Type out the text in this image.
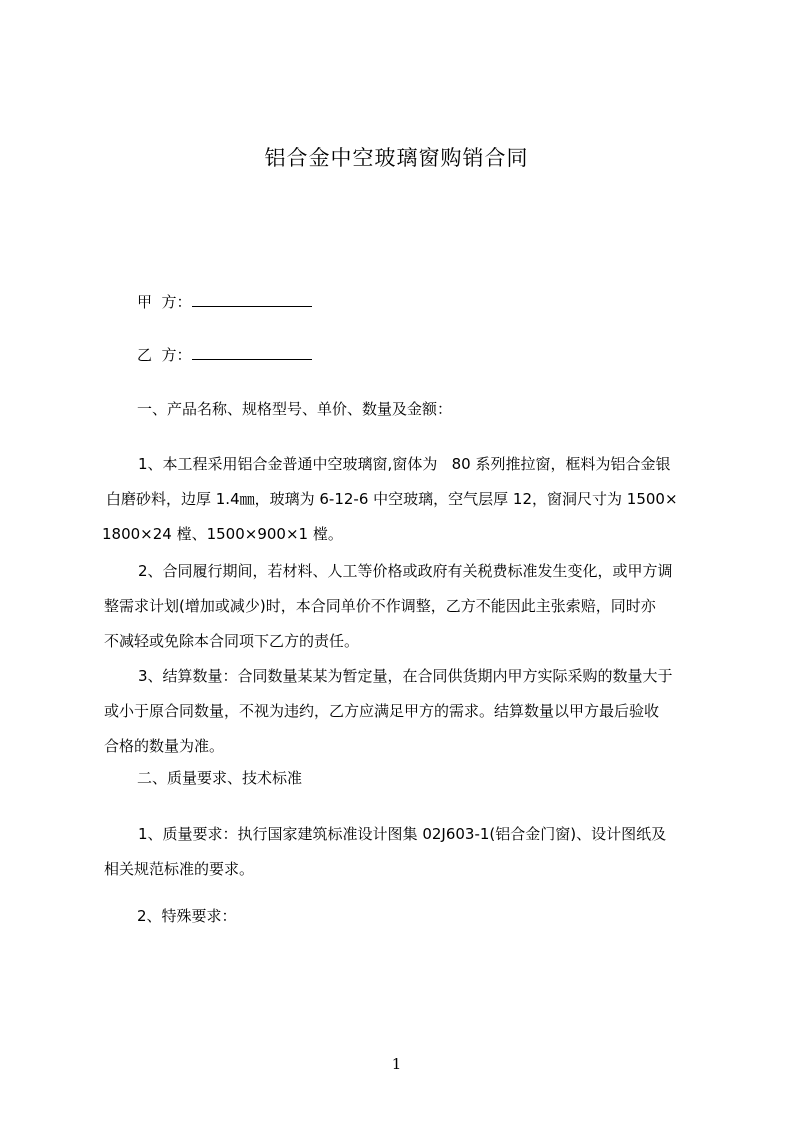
铝合金中空玻璃窗购销合同
甲  方：
乙  方：
一、产品名称、规格型号、单价、数量及金额：
1、本工程采用铝合金普通中空玻璃窗,窗体为   80 系列推拉窗，框料为铝合金银
白磨砂料，边厚 1.4㎜，玻璃为 6-12-6 中空玻璃，空气层厚 12，窗洞尺寸为 1500×
1800×24 樘、1500×900×1 樘。
2、合同履行期间，若材料、人工等价格或政府有关税费标准发生变化，或甲方调
整需求计划(增加或减少)时，本合同单价不作调整，乙方不能因此主张索赔，同时亦
不减轻或免除本合同项下乙方的责任。
3、结算数量：合同数量某某为暂定量，在合同供货期内甲方实际采购的数量大于
或小于原合同数量，不视为违约，乙方应满足甲方的需求。结算数量以甲方最后验收
合格的数量为准。
二、质量要求、技术标准
1、质量要求：执行国家建筑标准设计图集 02J603-1(铝合金门窗)、设计图纸及
相关规范标准的要求。
2、特殊要求：
1
